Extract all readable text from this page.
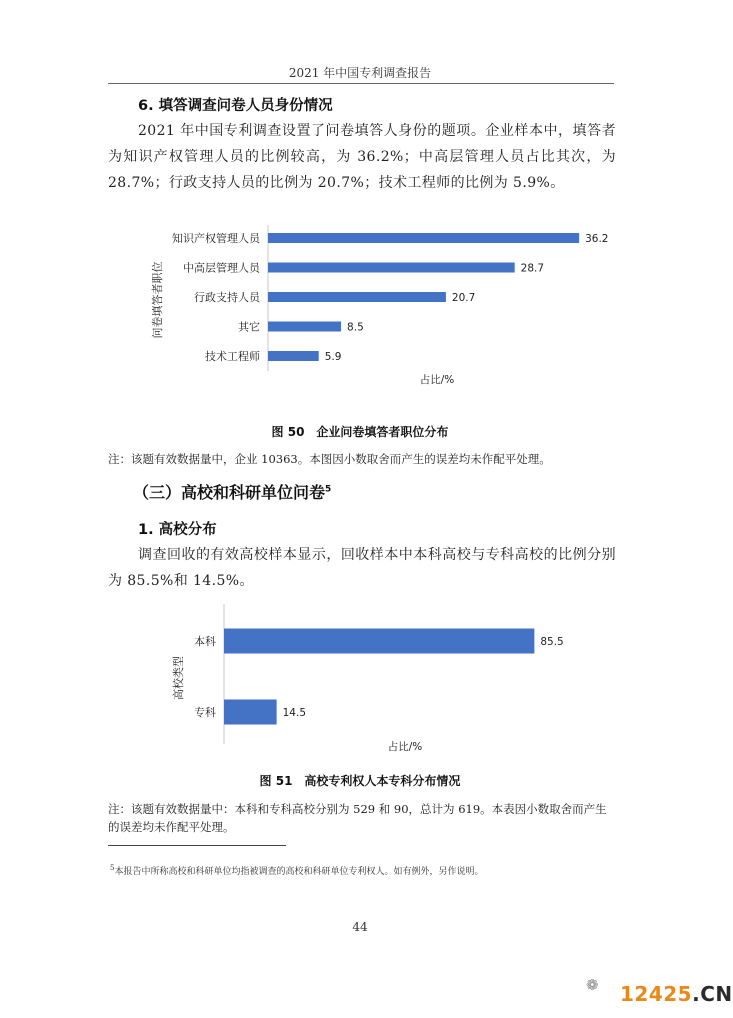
2021 年中国专利调查报告
6. 填答调查问卷人员身份情况
2021 年中国专利调查设置了问卷填答人身份的题项。企业样本中，填答者为知识产权管理人员的比例较高，为 36.2%；中高层管理人员占比其次，为 28.7%；行政支持人员的比例为 20.7%；技术工程师的比例为 5.9%。
知识产权管理人员	36.2
中高层管理人员	28.7
行政支持人员	20.7
其它	8.5
技术工程师	5.9
问卷填答者职位
占比/%
图 50　企业问卷填答者职位分布
注：该题有效数据量中，企业 10363。本图因小数取舍而产生的误差均未作配平处理。
（三）高校和科研单位问卷$^5$
1. 高校分布
调查回收的有效高校样本显示，回收样本中本科高校与专科高校的比例分别为 85.5%和 14.5%。
本科	85.5
专科	14.5
高校类型
占比/%
图 51　高校专利权人本专科分布情况
注：该题有效数据量中：本科和专科高校分别为 529 和 90，总计为 619。本表因小数取舍而产生的误差均未作配平处理。
$^5$本报告中所称高校和科研单位均指被调查的高校和科研单位专利权人。如有例外，另作说明。
44
❁ 12425.CN
